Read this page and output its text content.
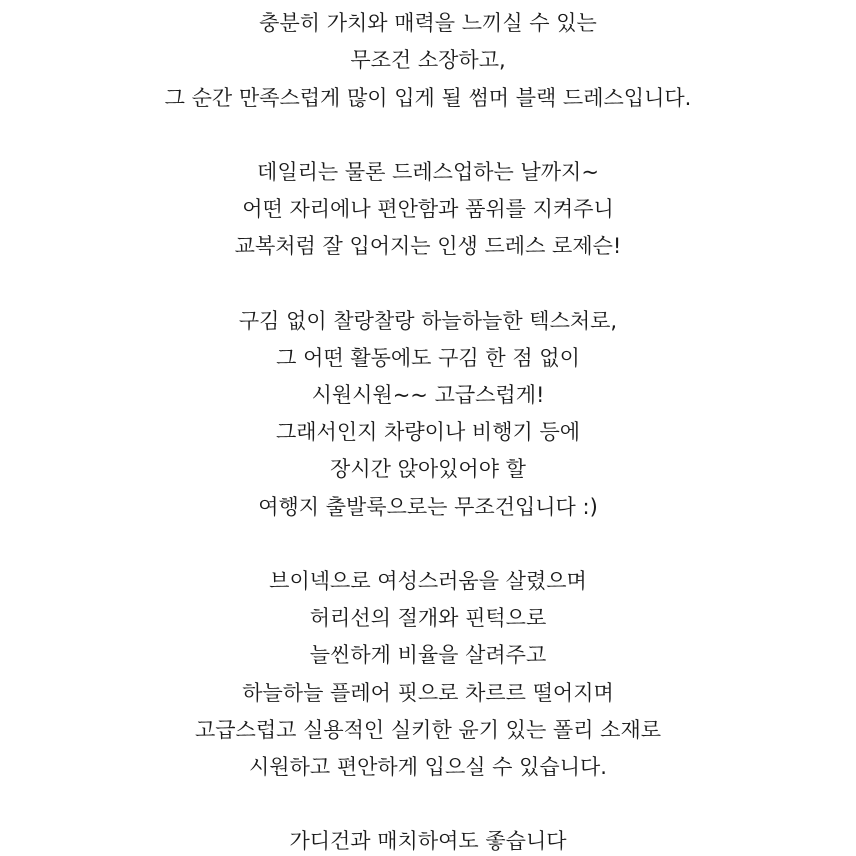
충분히 가치와 매력을 느끼실 수 있는
무조건 소장하고,
그 순간 만족스럽게 많이 입게 될 썸머 블랙 드레스입니다.
데일리는 물론 드레스업하는 날까지~
어떤 자리에나 편안함과 품위를 지켜주니
교복처럼 잘 입어지는 인생 드레스 로제슨!
구김 없이 찰랑찰랑 하늘하늘한 텍스처로,
그 어떤 활동에도 구김 한 점 없이
시원시원~~ 고급스럽게!
그래서인지 차량이나 비행기 등에
장시간 앉아있어야 할
여행지 출발룩으로는 무조건입니다 :)
브이넥으로 여성스러움을 살렸으며
허리선의 절개와 핀턱으로
늘씬하게 비율을 살려주고
하늘하늘 플레어 핏으로 차르르 떨어지며
고급스럽고 실용적인 실키한 윤기 있는 폴리 소재로
시원하고 편안하게 입으실 수 있습니다.
가디건과 매치하여도 좋습니다
